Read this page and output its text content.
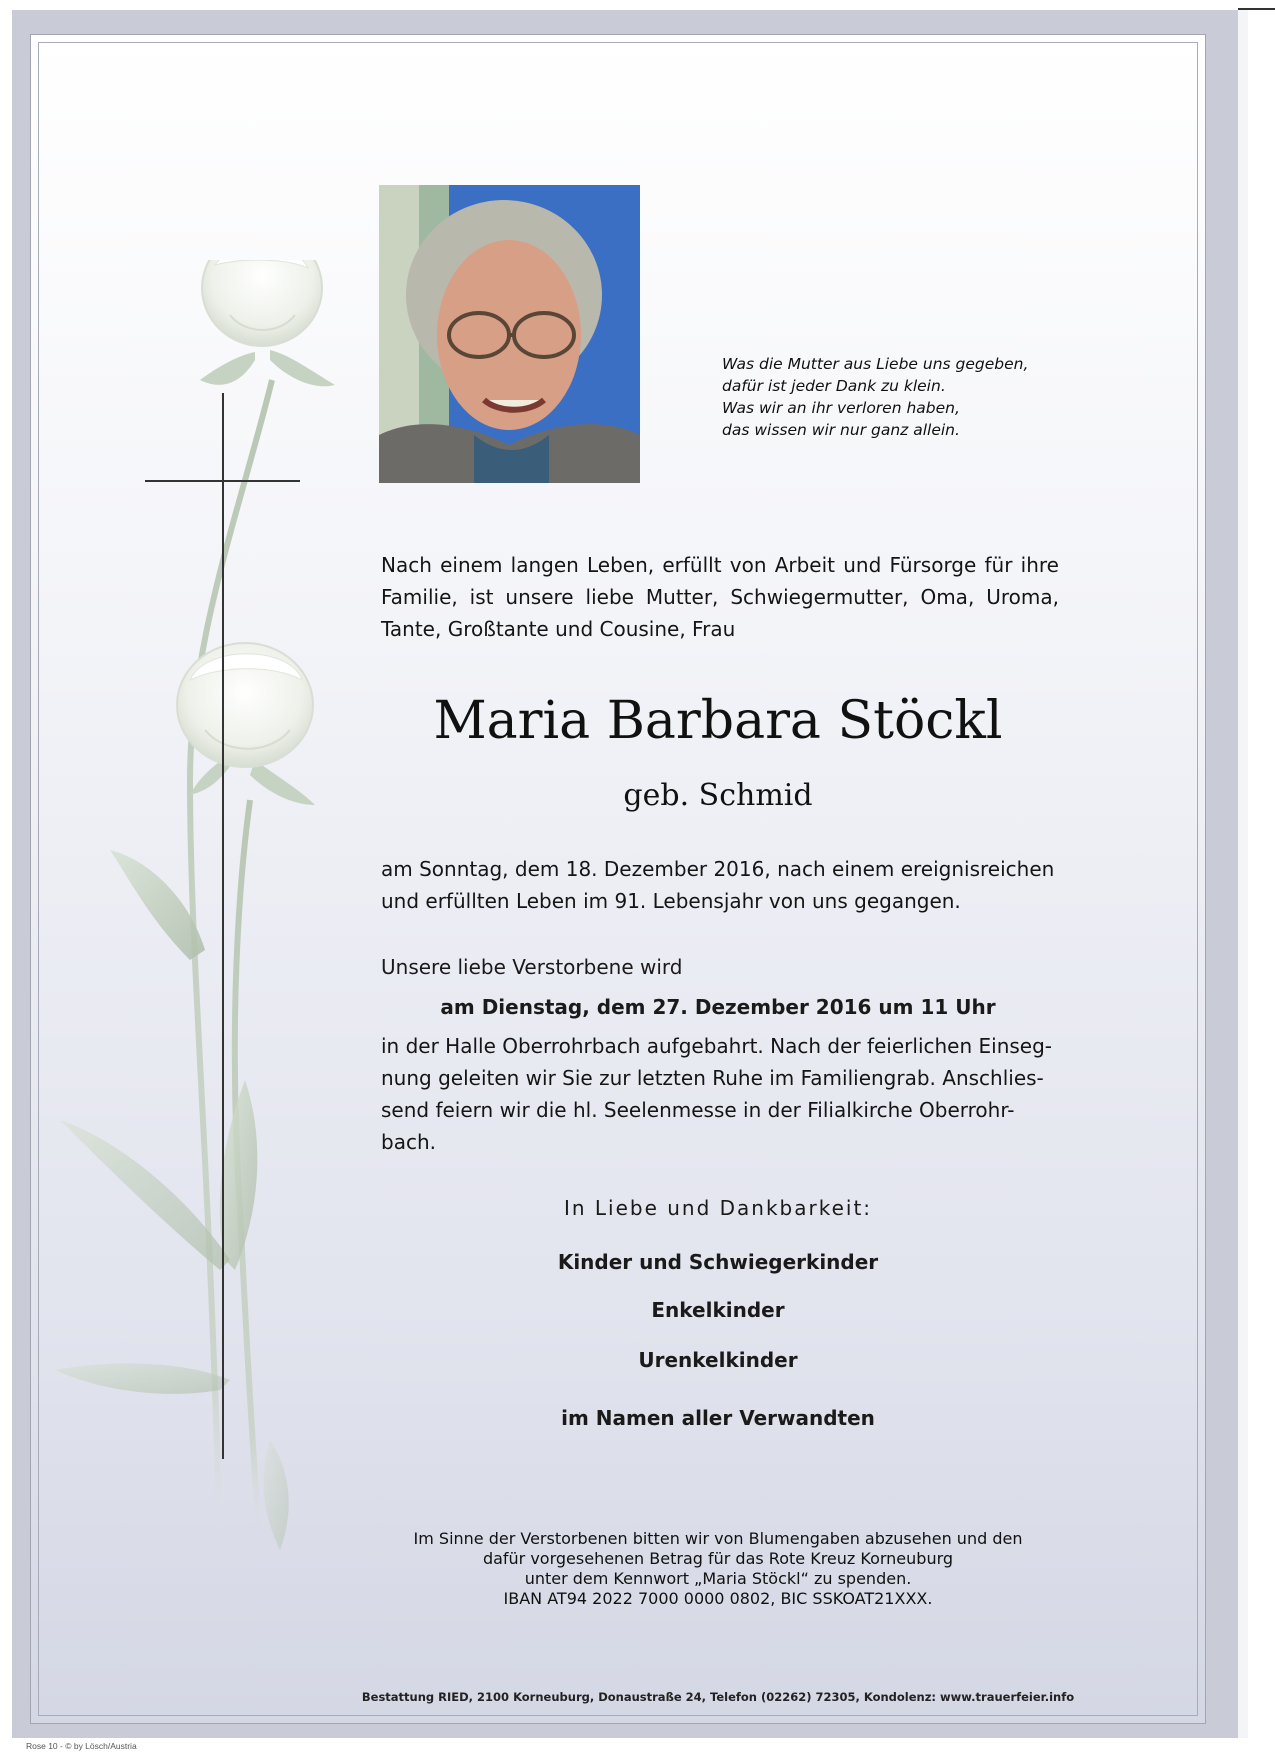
Was die Mutter aus Liebe uns gegeben,
dafür ist jeder Dank zu klein.
Was wir an ihr verloren haben,
das wissen wir nur ganz allein.
Nach einem langen Leben, erfüllt von Arbeit und Fürsorge für ihre Familie, ist unsere liebe Mutter, Schwiegermutter, Oma, Uroma, Tante, Großtante und Cousine, Frau
Maria Barbara Stöckl
geb. Schmid
am Sonntag, dem 18. Dezember 2016, nach einem ereignisreichen
und erfüllten Leben im 91. Lebensjahr von uns gegangen.
Unsere liebe Verstorbene wird
am Dienstag, dem 27. Dezember 2016 um 11 Uhr
in der Halle Oberrohrbach aufgebahrt. Nach der feierlichen Einseg-
nung geleiten wir Sie zur letzten Ruhe im Familiengrab. Anschlies-
send feiern wir die hl. Seelenmesse in der Filialkirche Oberrohr-
bach.
In Liebe und Dankbarkeit:
Kinder und Schwiegerkinder
Enkelkinder
Urenkelkinder
im Namen aller Verwandten
Im Sinne der Verstorbenen bitten wir von Blumengaben abzusehen und den
dafür vorgesehenen Betrag für das Rote Kreuz Korneuburg
unter dem Kennwort „Maria Stöckl“ zu spenden.
IBAN AT94 2022 7000 0000 0802, BIC SSKOAT21XXX.
Bestattung RIED, 2100 Korneuburg, Donaustraße 24, Telefon (02262) 72305, Kondolenz: www.trauerfeier.info
Rose 10 - © by Lösch/Austria
